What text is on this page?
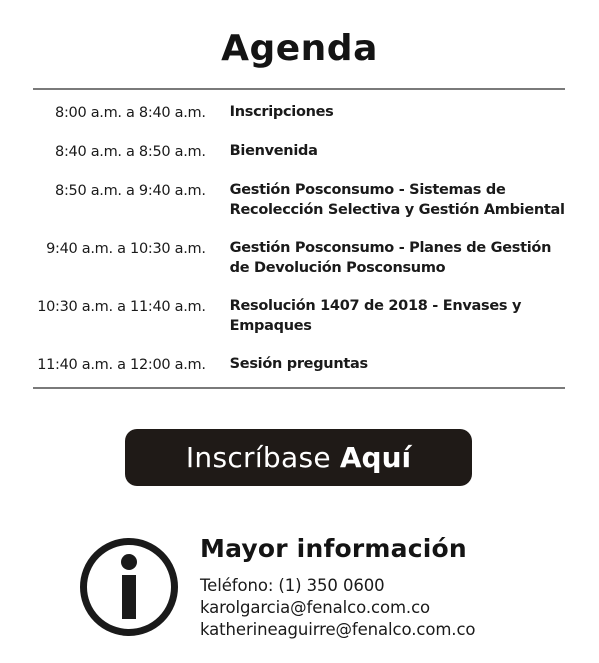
Agenda
8:00 a.m. a 8:40 a.m. Inscripciones
8:40 a.m. a 8:50 a.m. Bienvenida
8:50 a.m. a 9:40 a.m. Gestión Posconsumo - Sistemas de Recolección Selectiva y Gestión Ambiental
9:40 a.m. a 10:30 a.m. Gestión Posconsumo - Planes de Gestión de Devolución Posconsumo
10:30 a.m. a 11:40 a.m. Resolución 1407 de 2018 - Envases y Empaques
11:40 a.m. a 12:00 a.m. Sesión preguntas
Inscríbase Aquí
Mayor información
Teléfono: (1) 350 0600
karolgarcia@fenalco.com.co
katherineaguirre@fenalco.com.co
